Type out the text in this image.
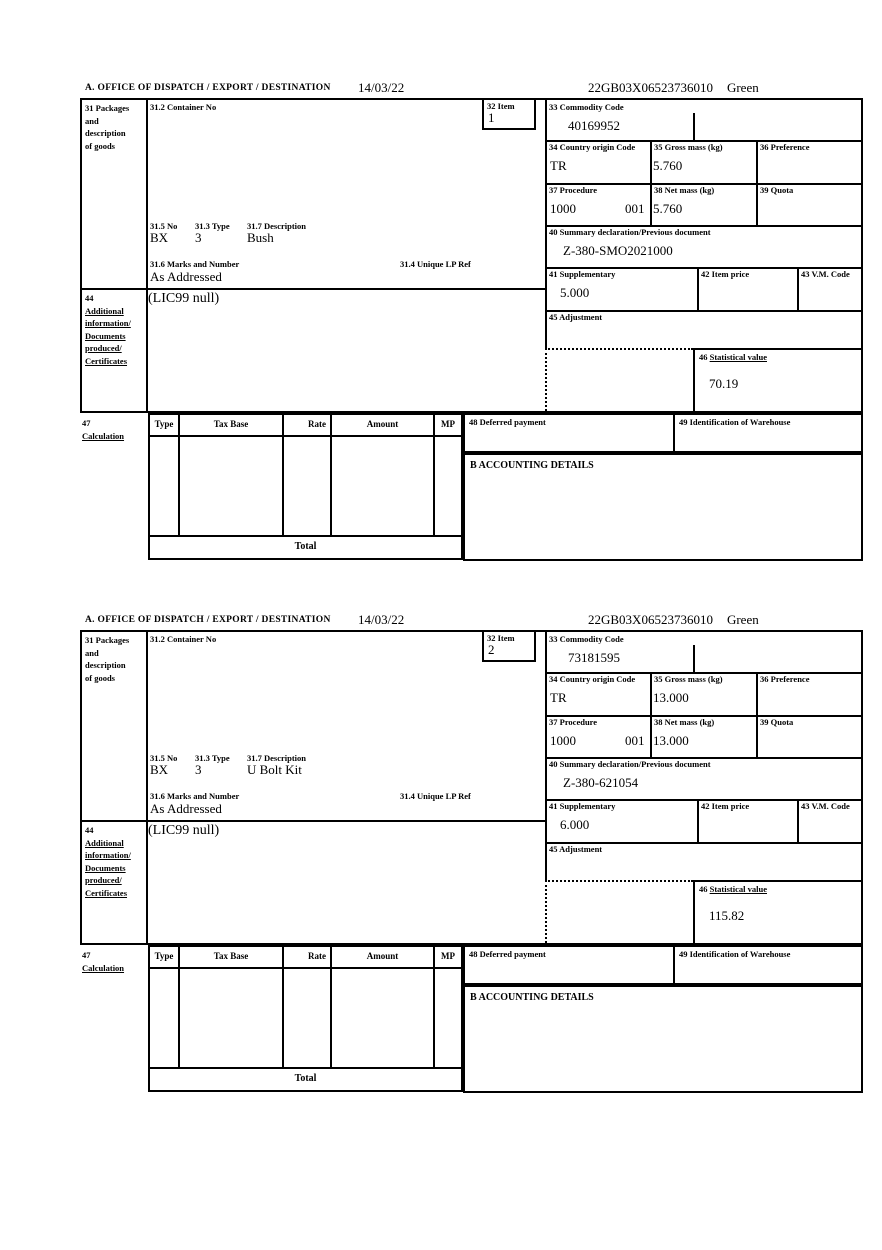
A. OFFICE OF DISPATCH / EXPORT / DESTINATION 14/03/22	22GB03X06523736010 Green
31 Packages
and
description
of goods
31.2 Container No	32 Item
1
33 Commodity Code
40169952
34 Country origin Code
TR
35 Gross mass (kg)
5.760
36 Preference
37 Procedure
1000	001
38 Net mass (kg)
5.760
39 Quota
40 Summary declaration/Previous document
Z-380-SMO2021000
41 Supplementary
5.000
42 Item price	43 V.M. Code
45 Adjustment
46 Statistical value
70.19
31.5 No 31.3 Type 31.7 Description
BX 3	Bush
31.6 Marks and Number	31.4 Unique LP Ref
As Addressed
44
Additional
information/
Documents
produced/
Certificates
(LIC99 null)
47
Calculation
Type	Tax Base	Rate	Amount	MP
Total
48 Deferred payment	49 Identification of Warehouse
B ACCOUNTING DETAILS
A. OFFICE OF DISPATCH / EXPORT / DESTINATION 14/03/22	22GB03X06523736010 Green
31 Packages
and
description
of goods
31.2 Container No	32 Item
2
33 Commodity Code
73181595
34 Country origin Code
TR
35 Gross mass (kg)
13.000
36 Preference
37 Procedure
1000	001
38 Net mass (kg)
13.000
39 Quota
40 Summary declaration/Previous document
Z-380-621054
41 Supplementary
6.000
42 Item price	43 V.M. Code
45 Adjustment
46 Statistical value
115.82
31.5 No 31.3 Type 31.7 Description
BX 3	U Bolt Kit
31.6 Marks and Number	31.4 Unique LP Ref
As Addressed
44
Additional
information/
Documents
produced/
Certificates
(LIC99 null)
47
Calculation
Type	Tax Base	Rate	Amount	MP
Total
48 Deferred payment	49 Identification of Warehouse
B ACCOUNTING DETAILS
